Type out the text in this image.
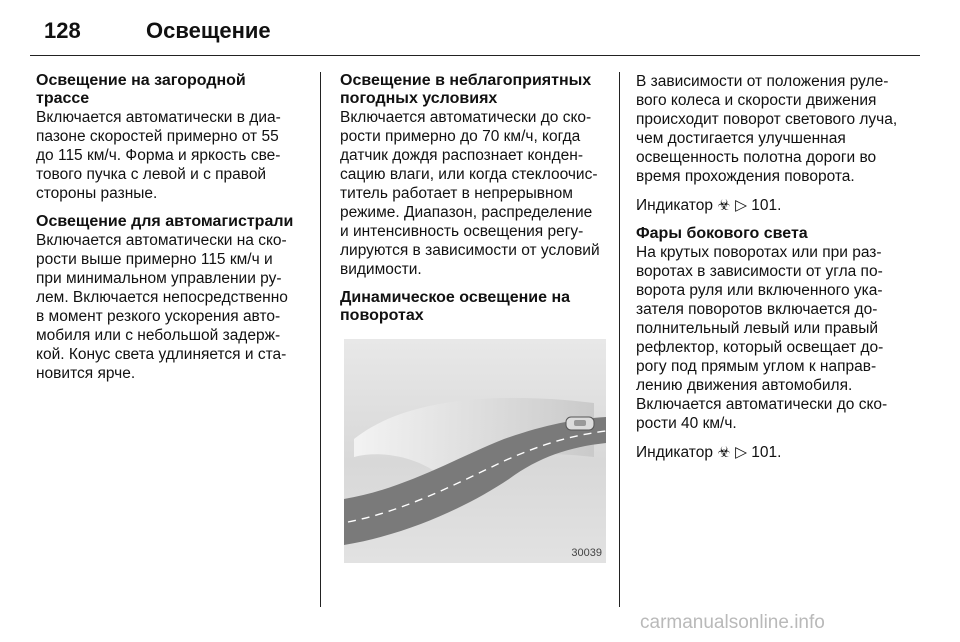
128	Освещение
Освещение на загородной трассе

Включается автоматически в диа- пазоне скоростей примерно от 55 до 115 км/ч. Форма и яркость све- тового пучка с левой и с правой стороны разные.

Освещение для автомагистрали

Включается автоматически на ско- рости выше примерно 115 км/ч и при минимальном управлении ру- лем. Включается непосредственно в момент резкого ускорения авто- мобиля или с небольшой задерж- кой. Конус света удлиняется и ста- новится ярче.

Освещение в неблагоприятных погодных условиях

Включается автоматически до ско- рости примерно до 70 км/ч, когда датчик дождя распознает конден- сацию влаги, или когда стеклоочис- титель работает в непрерывном режиме. Диапазон, распределение и интенсивность освещения регу- лируются в зависимости от условий видимости.

Динамическое освещение на поворотах
30039

В зависимости от положения руле- вого колеса и скорости движения происходит поворот светового луча, чем достигается улучшенная освещенность полотна дороги во время прохождения поворота.

Индикатор ☣ ▷ 101.

Фары бокового света

На крутых поворотах или при раз- воротах в зависимости от угла по- ворота руля или включенного ука- зателя поворотов включается до- полнительный левый или правый рефлектор, который освещает до- рогу под прямым углом к направ- лению движения автомобиля. Включается автоматически до ско- рости 40 км/ч.

Индикатор ☣ ▷ 101.

carmanualsonline.info
